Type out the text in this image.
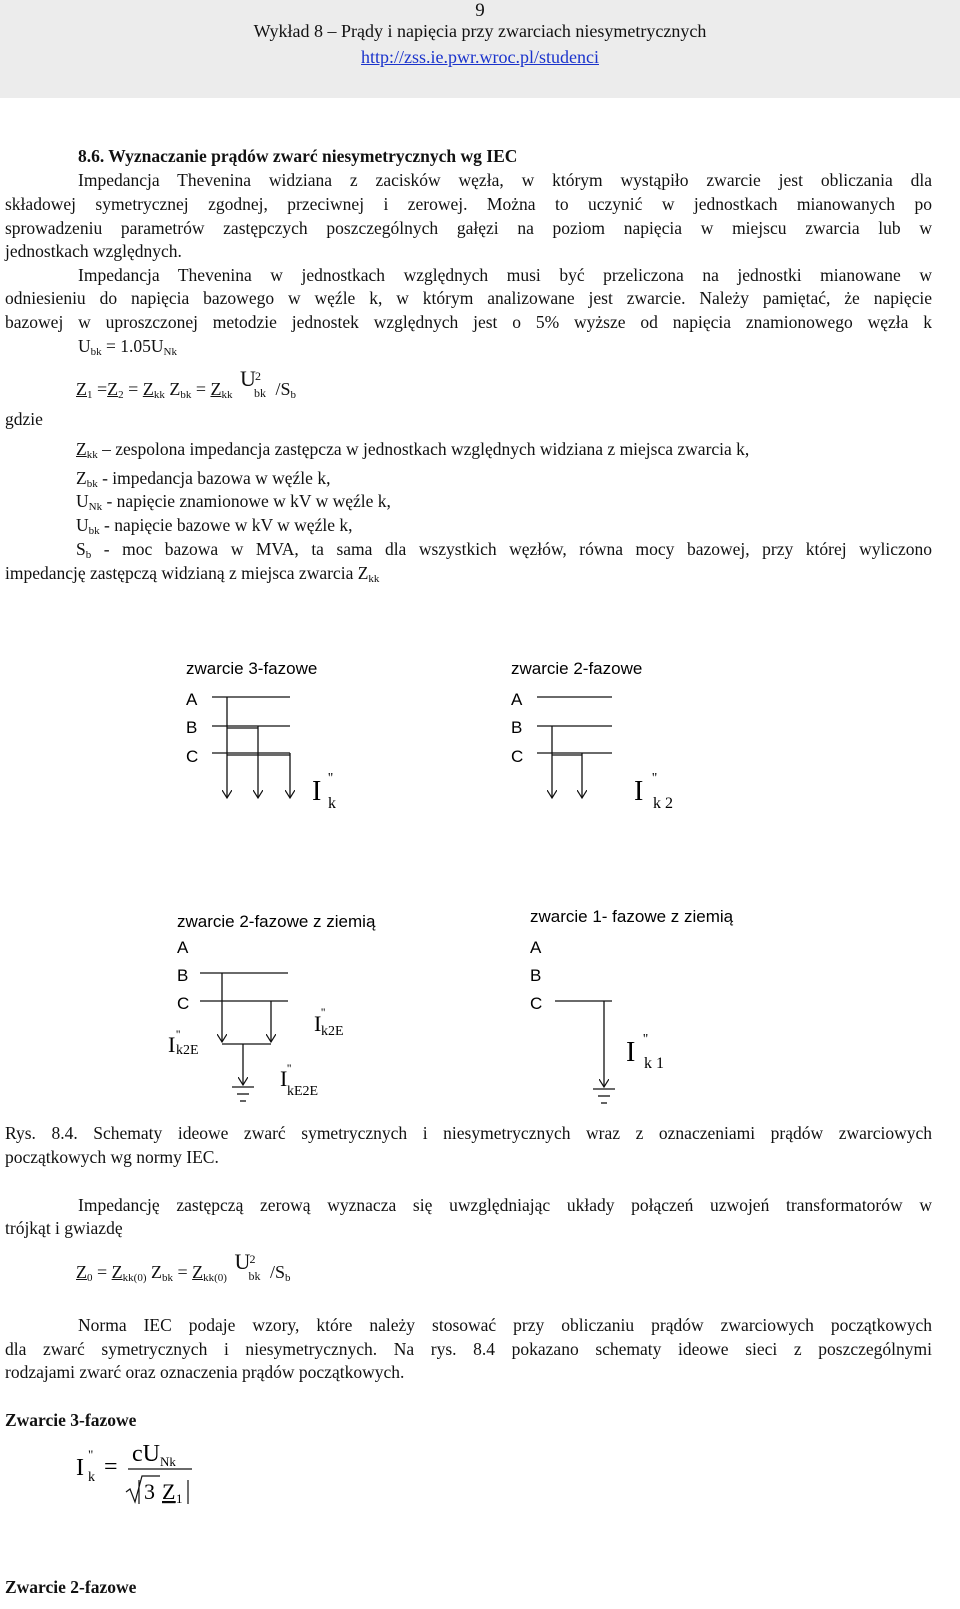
9
Wykład 8 – Prądy i napięcia przy zwarciach niesymetrycznych
http://zss.ie.pwr.wroc.pl/studenci
8.6. Wyznaczanie prądów zwarć niesymetrycznych wg IEC
Impedancja Thevenina widziana z zacisków węzła, w którym wystąpiło zwarcie jest obliczania dla
składowej symetrycznej zgodnej, przeciwnej i zerowej. Można to uczynić w jednostkach mianowanych po
sprowadzeniu parametrów zastępczych poszczególnych gałęzi na poziom napięcia w miejscu zwarcia lub w
jednostkach względnych.
Impedancja Thevenina w jednostkach względnych musi być przeliczona na jednostki mianowane w
odniesieniu do napięcia bazowego w węźle k, w którym analizowane jest zwarcie. Należy pamiętać, że napięcie
bazowej w uproszczonej metodzie jednostek względnych jest o 5% wyższe od napięcia znamionowego węzła k
$U_{bk} = 1.05U_{Nk}$
$Z_1 =Z_2 = Z_{kk}$ $Z_{bk} = Z_{kk}$
U 2
bk $/S_b$
gdzie
$Z_{kk}$ – zespolona impedancja zastępcza w jednostkach względnych widziana z miejsca zwarcia k,
$Z_{bk}$ - impedancja bazowa w węźle k,
$U_{Nk}$ - napięcie znamionowe w kV w węźle k,
$U_{bk}$ - napięcie bazowe w kV w węźle k,
$S_b$ - moc bazowa w MVA, ta sama dla wszystkich węzłów, równa mocy bazowej, przy której wyliczono
impedancję zastępczą widzianą z miejsca zwarcia $Z_{kk}$
zwarcie 3-fazowe
A
B
C
I ''
k
zwarcie 2-fazowe
A
B
C
I ''
k 2
zwarcie 2-fazowe z ziemią
A
B
C
I ''
k2E
I ''
k2E
I ''
kE2E
zwarcie 1- fazowe z ziemią
A
B
C
I ''
k 1
Rys. 8.4. Schematy ideowe zwarć symetrycznych i niesymetrycznych wraz z oznaczeniami prądów zwarciowych
początkowych wg normy IEC.
Impedancję zastępczą zerową wyznacza się uwzględniając układy połączeń uzwojeń transformatorów w
trójkąt i gwiazdę
$Z_0 = Z_{kk(0)}$ $Z_{bk} = Z_{kk(0)}$
U 2
bk $/S_b$
Norma IEC podaje wzory, które należy stosować przy obliczaniu prądów zwarciowych początkowych
dla zwarć symetrycznych i niesymetrycznych. Na rys. 8.4 pokazano schematy ideowe sieci z poszczególnymi
rodzajami zwarć oraz oznaczenia prądów początkowych.
Zwarcie 3-fazowe
I
"
k = cU Nk
3 Z 1
Zwarcie 2-fazowe
